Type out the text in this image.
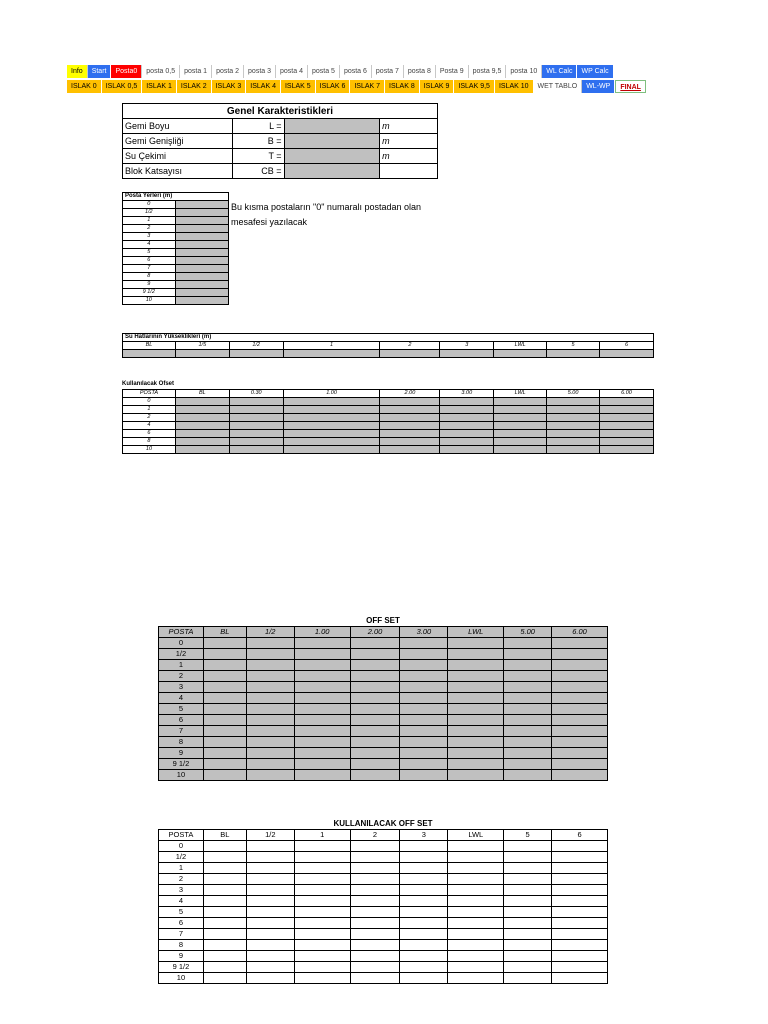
Info	Start	Posta0	posta 0,5	posta 1	posta 2	posta 3	posta 4	posta 5	posta 6	posta 7	posta 8	Posta 9	posta 9,5	posta 10	WL Calc	WP Calc
ISLAK 0	ISLAK 0,5	ISLAK 1	ISLAK 2	ISLAK 3	ISLAK 4	ISLAK 5	ISLAK 6	ISLAK 7	ISLAK 8	ISLAK 9	ISLAK 9,5	ISLAK 10	WET TABLO	WL-WP	FINAL
Genel Karakteristikleri			
Gemi Boyu	L =		m
Gemi Genişliği	B =		m
Su Çekimi	T =		m
Blok Katsayısı	CB =		
Posta Yerleri (m)	
0	
1/2	
1	
2	
3	
4	
5	
6	
7	
8	
9	
9 1/2	
10	
Bu kısma postaların "0" numaralı postadan olan mesafesi yazılacak
Su Hatlarının Yükseklikleri (m)								
BL	1/5	1/2	1	2	3	LWL	5	6

Kullanılacak Ofset
POSTA	BL	0.30	1.00	2.00	3.00	LWL	5.00	6.00
0								
1								
2								
4								
6								
8								
10								
OFF SET								
POSTA	BL	1/2	1.00	2.00	3.00	LWL	5.00	6.00
0								
1/2								
1								
2								
3								
4								
5								
6								
7								
8								
9								
9 1/2								
10								
KULLANILACAK OFF SET								
POSTA	BL	1/2	1	2	3	LWL	5	6
0								
1/2								
1								
2								
3								
4								
5								
6								
7								
8								
9								
9 1/2								
10								
